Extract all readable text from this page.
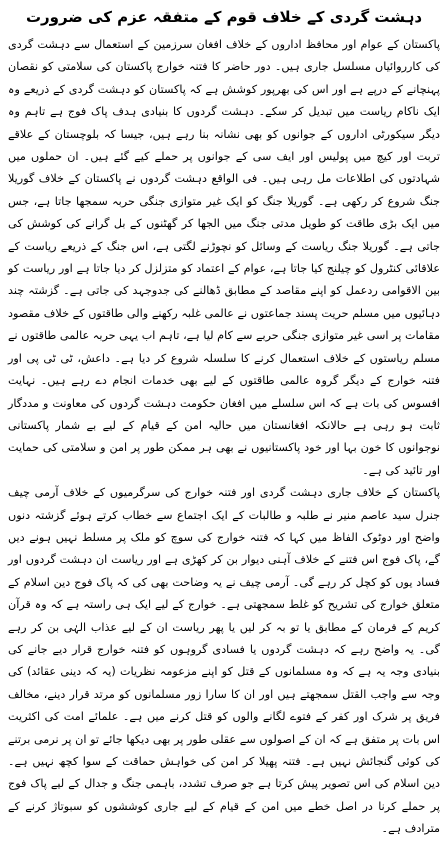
دہشت گردی کے خلاف قوم کے متفقہ عزم کی ضرورت

پاکستان کے عوام اور محافظ اداروں کے خلاف افغان سرزمین کے استعمال سے دہشت گردی کی کارروائیاں مسلسل جاری ہیں۔ دور حاضر کا فتنہ خوارج پاکستان کی سلامتی کو نقصان پہنچانے کے درپے ہے اور اس کی بھرپور کوشش ہے کہ پاکستان کو دہشت گردی کے ذریعے وہ ایک ناکام ریاست میں تبدیل کر سکے۔ دہشت گردوں کا بنیادی ہدف پاک فوج ہے تاہم وہ دیگر سیکورٹی اداروں کے جوانوں کو بھی نشانہ بنا رہے ہیں، جیسا کہ بلوچستان کے علاقے تربت اور کیچ میں پولیس اور ایف سی کے جوانوں پر حملے کیے گئے ہیں۔ ان حملوں میں شہادتوں کی اطلاعات مل رہی ہیں۔ فی الواقع دہشت گردوں نے پاکستان کے خلاف گوریلا جنگ شروع کر رکھی ہے۔ گوریلا جنگ کو ایک غیر متوازی جنگی حربہ سمجھا جاتا ہے، جس میں ایک بڑی طاقت کو طویل مدتی جنگ میں الجھا کر گھٹنوں کے بل گرانے کی کوشش کی جاتی ہے۔ گوریلا جنگ ریاست کے وسائل کو نچوڑنے لگتی ہے، اس جنگ کے ذریعے ریاست کے علاقائی کنٹرول کو چیلنج کیا جاتا ہے، عوام کے اعتماد کو متزلزل کر دیا جاتا ہے اور ریاست کو بین الاقوامی ردعمل کو اپنے مقاصد کے مطابق ڈھالنے کی جدوجہد کی جاتی ہے۔ گزشتہ چند دہائیوں میں مسلم حریت پسند جماعتوں نے عالمی غلبہ رکھنے والی طاقتوں کے خلاف مقصود مقامات پر اسی غیر متوازی جنگی حربے سے کام لیا ہے، تاہم اب یہی حربہ عالمی طاقتوں نے مسلم ریاستوں کے خلاف استعمال کرنے کا سلسلہ شروع کر دیا ہے۔ داعش، ٹی ٹی پی اور فتنہ خوارج کے دیگر گروہ عالمی طاقتوں کے لیے بھی خدمات انجام دے رہے ہیں۔ نہایت افسوس کی بات ہے کہ اس سلسلے میں افغان حکومت دہشت گردوں کی معاونت و مددگار ثابت ہو رہی ہے حالانکہ افغانستان میں حالیہ امن کے قیام کے لیے بے شمار پاکستانی نوجوانوں کا خون بہا اور خود پاکستانیوں نے بھی ہر ممکن طور پر امن و سلامتی کی حمایت اور تائید کی ہے۔

پاکستان کے خلاف جاری دہشت گردی اور فتنہ خوارج کی سرگرمیوں کے خلاف آرمی چیف جنرل سید عاصم منیر نے طلبہ و طالبات کے ایک اجتماع سے خطاب کرتے ہوئے گزشتہ دنوں واضح اور دوٹوک الفاظ میں کہا کہ فتنہ خوارج کی سوچ کو ملک پر مسلط نہیں ہونے دیں گے، پاک فوج اس فتنے کے خلاف آہنی دیوار بن کر کھڑی ہے اور ریاست ان دہشت گردوں اور فساد یوں کو کچل کر رہے گی۔ آرمی چیف نے یہ وضاحت بھی کی کہ پاک فوج دین اسلام کے متعلق خوارج کی تشریح کو غلط سمجھتی ہے۔ خوارج کے لیے ایک ہی راستہ ہے کہ وہ قرآن کریم کے فرمان کے مطابق یا تو بہ کر لیں یا پھر ریاست ان کے لیے عذاب الہٰی بن کر رہے گی۔ یہ واضح رہے کہ دہشت گردوں یا فسادی گروہوں کو فتنہ خوارج قرار دیے جانے کی بنیادی وجہ یہ ہے کہ وہ مسلمانوں کے قتل کو اپنے مزعومہ نظریات (یہ کہ دینی عقائد) کی وجہ سے واجب القتل سمجھتے ہیں اور ان کا سارا زور مسلمانوں کو مرتد قرار دینے، مخالف فریق پر شرک اور کفر کے فتوے لگانے والوں کو قتل کرنے میں ہے۔ علمائے امت کی اکثریت اس بات پر متفق ہے کہ ان کے اصولوں سے عقلی طور پر بھی دیکھا جائے تو ان پر نرمی برتنے کی کوئی گنجائش نہیں ہے۔ فتنہ پھیلا کر امن کی خواہش حماقت کے سوا کچھ نہیں ہے۔ دین اسلام کی اس تصویر پیش کرتا ہے جو صرف تشدد، باہمی جنگ و جدال کے لیے پاک فوج پر حملے کرنا در اصل خطے میں امن کے قیام کے لیے جاری کوششوں کو سبوتاژ کرنے کے مترادف ہے۔
